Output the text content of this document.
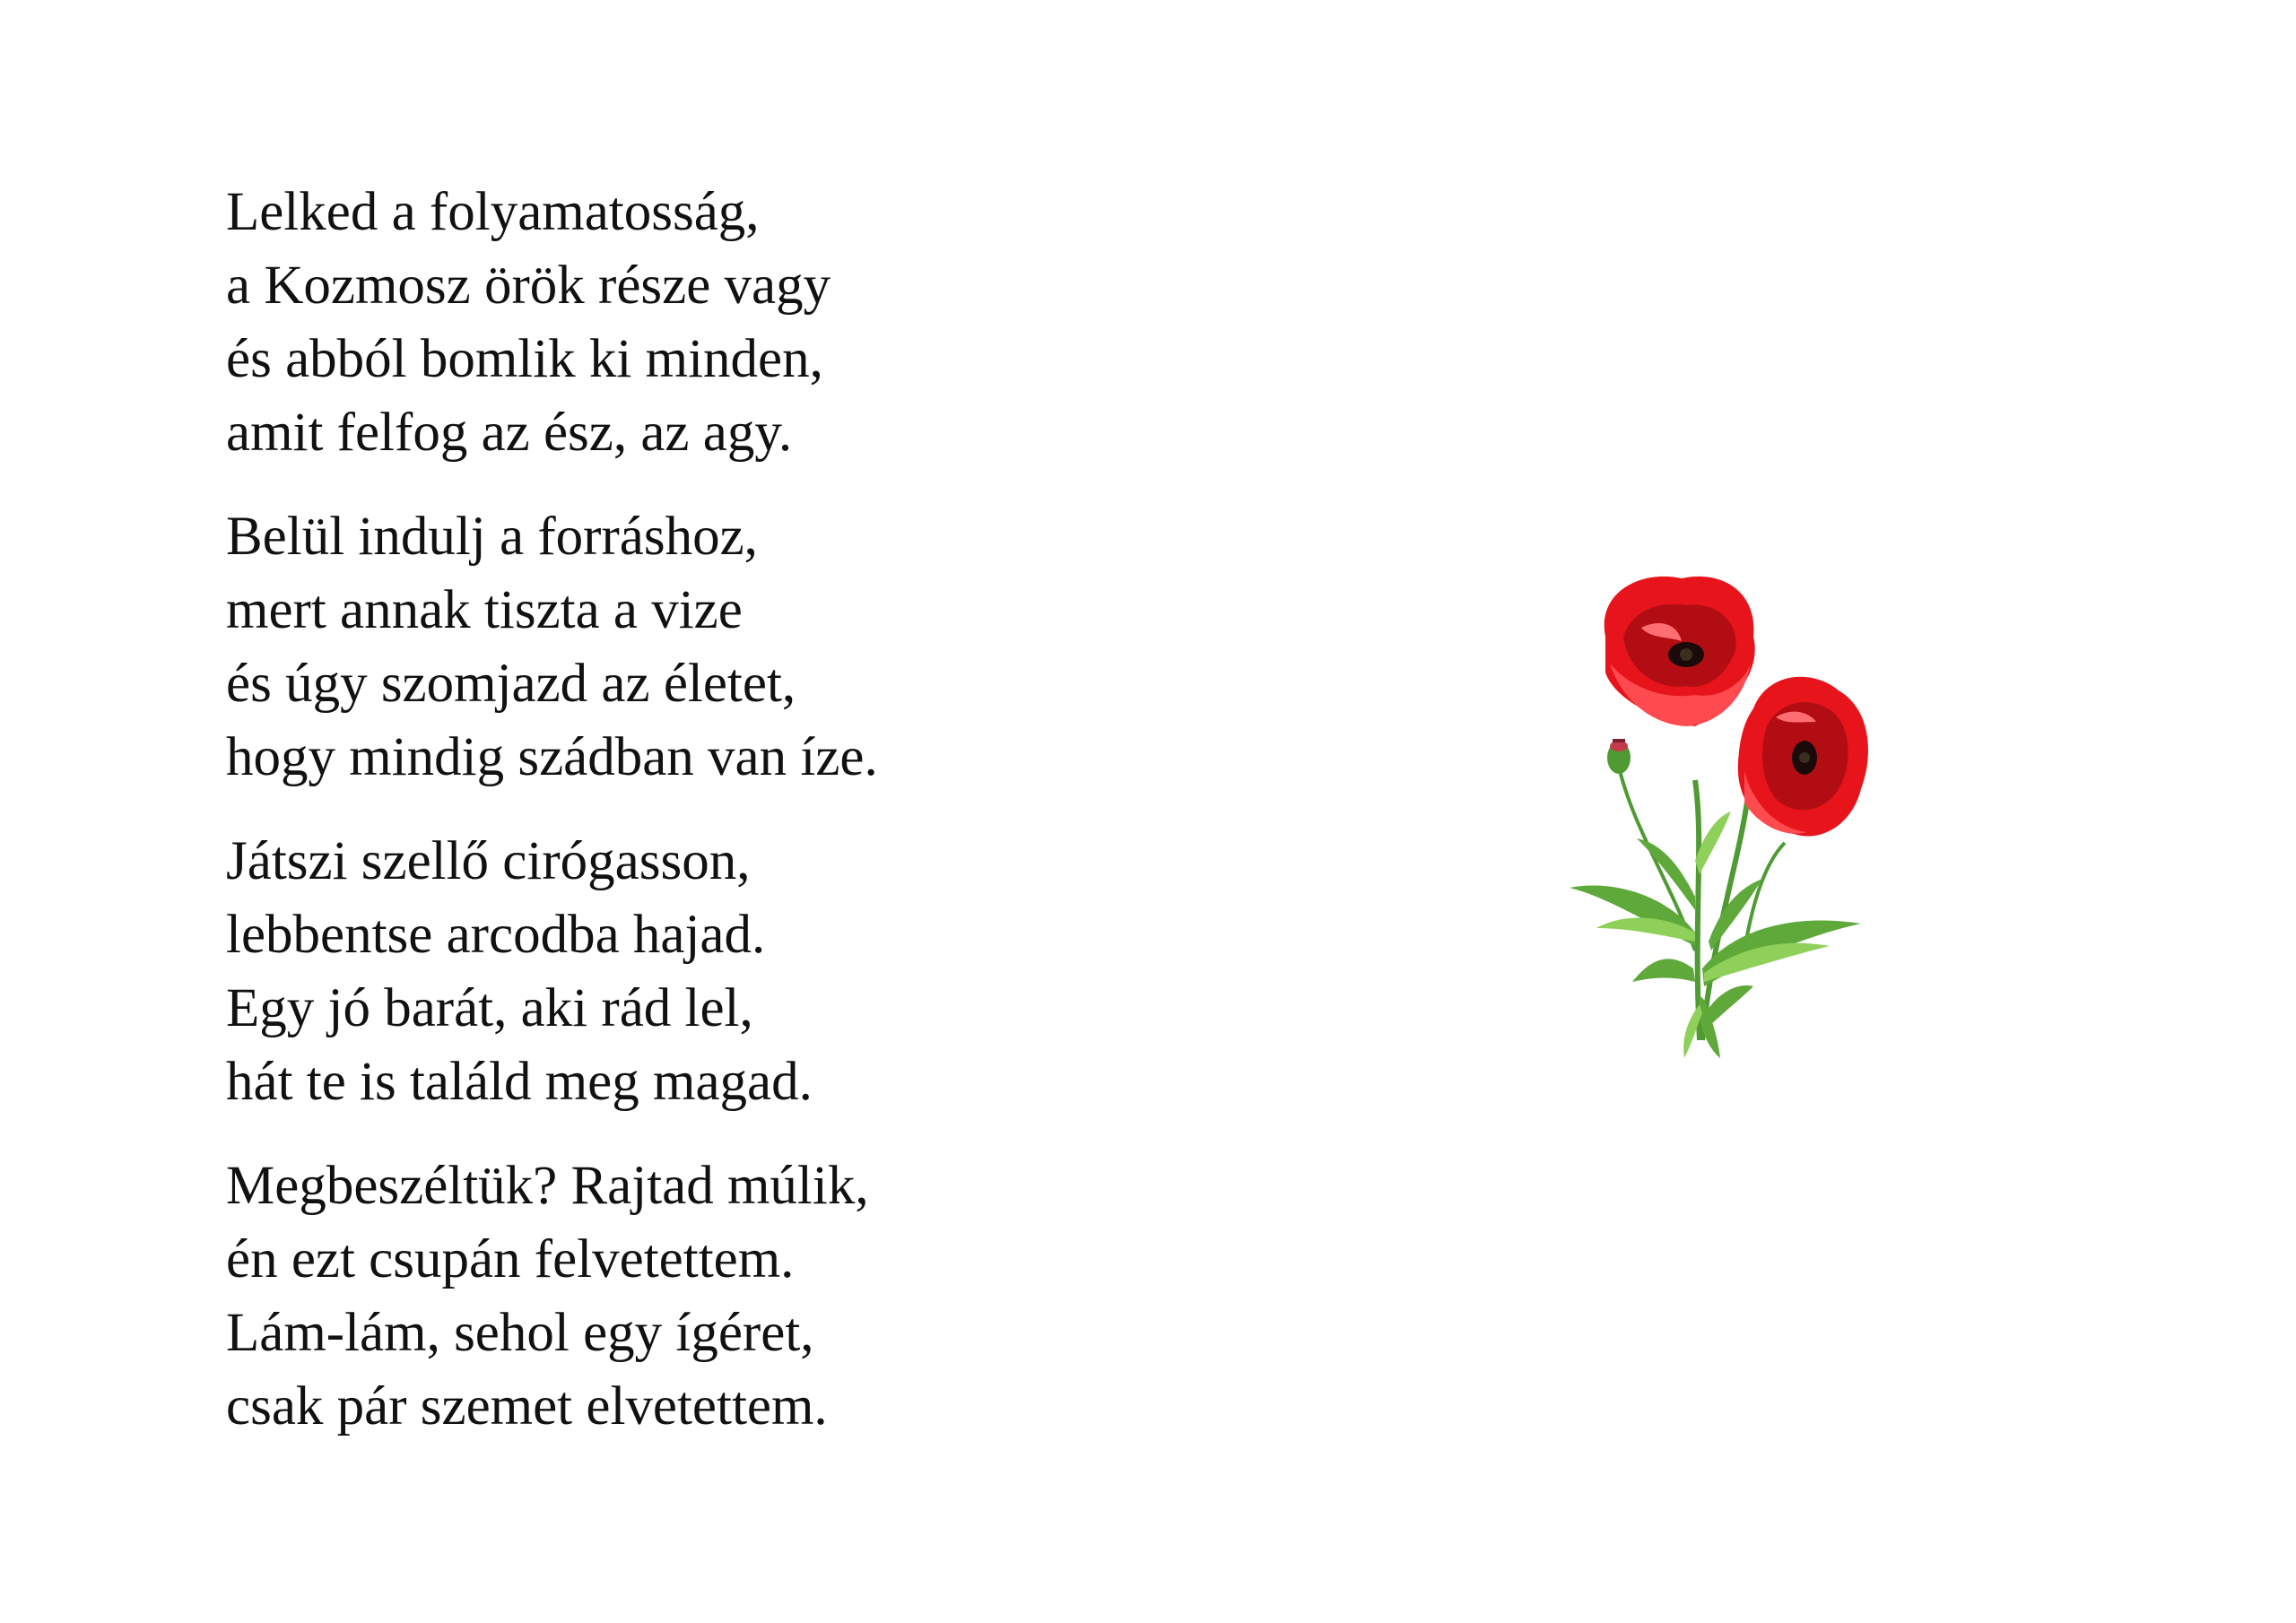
Lelked a folyamatosság,
a Kozmosz örök része vagy
és abból bomlik ki minden,
amit felfog az ész, az agy.
Belül indulj a forráshoz,
mert annak tiszta a vize
és úgy szomjazd az életet,
hogy mindig szádban van íze.
Játszi szellő cirógasson,
lebbentse arcodba hajad.
Egy jó barát, aki rád lel,
hát te is találd meg magad.
Megbeszéltük? Rajtad múlik,
én ezt csupán felvetettem.
Lám-lám, sehol egy ígéret,
csak pár szemet elvetettem.
